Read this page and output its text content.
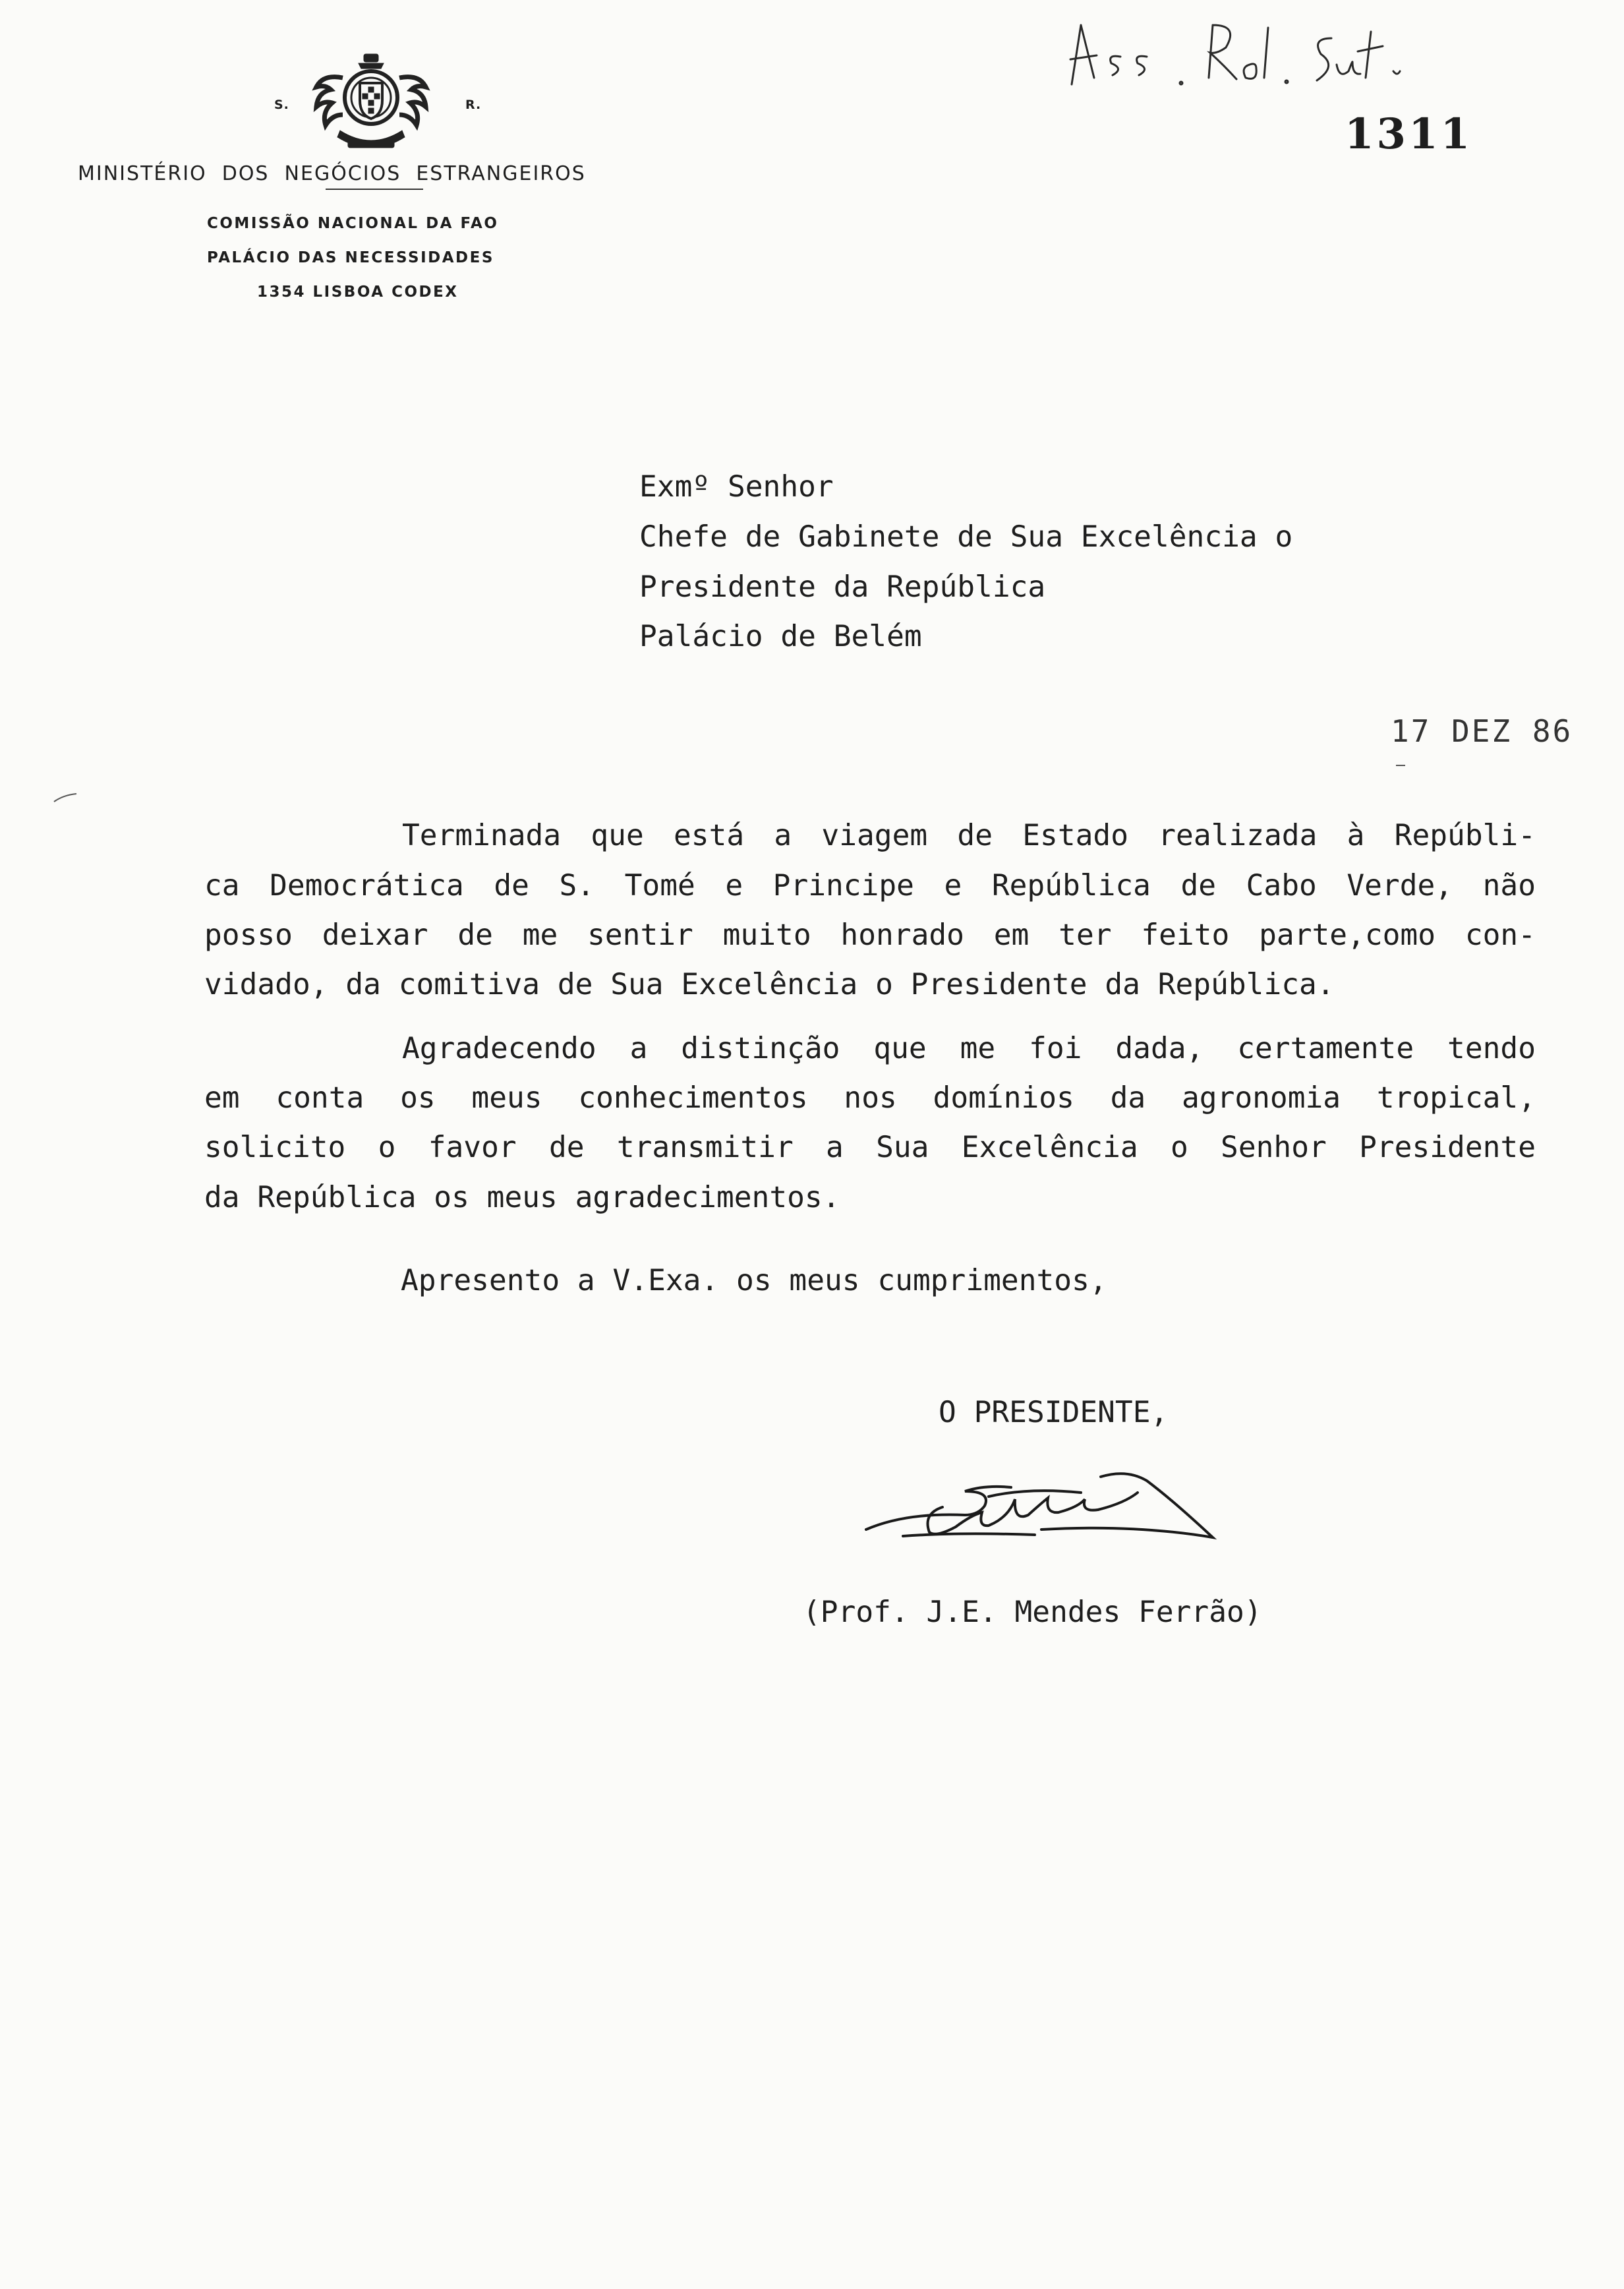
S.	R.
MINISTÉRIO  DOS  NEGÓCIOS  ESTRANGEIROS
COMISSÃO NACIONAL DA FAO
PALÁCIO DAS NECESSIDADES
1354 LISBOA CODEX
1311
Exmº Senhor
Chefe de Gabinete de Sua Excelência o
Presidente da República
Palácio de Belém
17 DEZ 86

Terminada que está a viagem de Estado realizada à Repúbli-

ca Democrática de S. Tomé e Principe e República de Cabo Verde, não

posso deixar de me sentir muito honrado em ter feito parte,como con-

vidado, da comitiva de Sua Excelência o Presidente da República.

Agradecendo a distinção que me foi dada, certamente tendo

em conta os meus conhecimentos nos domínios da agronomia tropical,

solicito o favor de transmitir a Sua Excelência o Senhor Presidente

da República os meus agradecimentos.

Apresento a V.Exa. os meus cumprimentos,
O PRESIDENTE,
(Prof. J.E. Mendes Ferrão)
